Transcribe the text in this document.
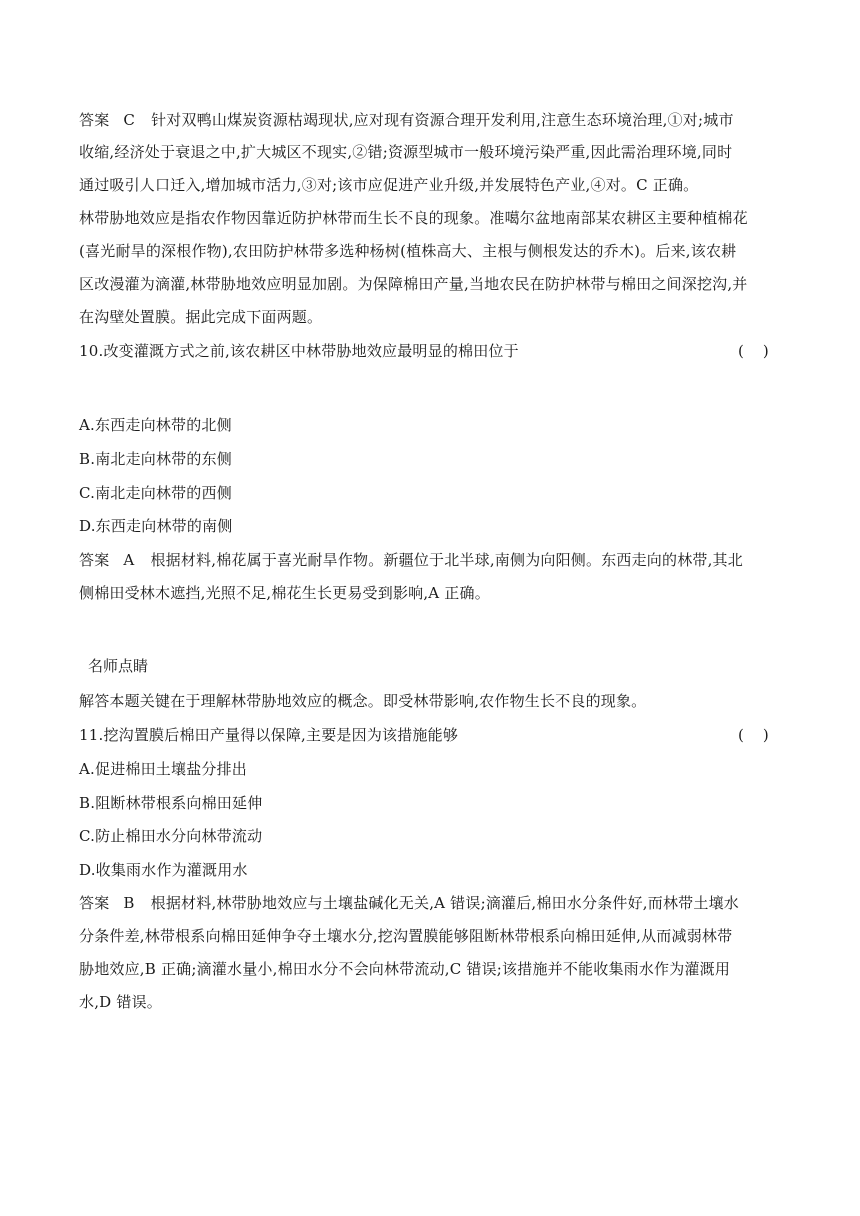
答案 C 针对双鸭山煤炭资源枯竭现状,应对现有资源合理开发利用,注意生态环境治理,①对;城市
收缩,经济处于衰退之中,扩大城区不现实,②错;资源型城市一般环境污染严重,因此需治理环境,同时
通过吸引人口迁入,增加城市活力,③对;该市应促进产业升级,并发展特色产业,④对。C 正确。
林带胁地效应是指农作物因靠近防护林带而生长不良的现象。准噶尔盆地南部某农耕区主要种植棉花
(喜光耐旱的深根作物),农田防护林带多选种杨树(植株高大、主根与侧根发达的乔木)。后来,该农耕
区改漫灌为滴灌,林带胁地效应明显加剧。为保障棉田产量,当地农民在防护林带与棉田之间深挖沟,并
在沟壁处置膜。据此完成下面两题。
10.改变灌溉方式之前,该农耕区中林带胁地效应最明显的棉田位于	(    )
A.东西走向林带的北侧
B.南北走向林带的东侧
C.南北走向林带的西侧
D.东西走向林带的南侧
答案 A 根据材料,棉花属于喜光耐旱作物。新疆位于北半球,南侧为向阳侧。东西走向的林带,其北
侧棉田受林木遮挡,光照不足,棉花生长更易受到影响,A 正确。
名师点睛
解答本题关键在于理解林带胁地效应的概念。即受林带影响,农作物生长不良的现象。
11.挖沟置膜后棉田产量得以保障,主要是因为该措施能够	(    )
A.促进棉田土壤盐分排出
B.阻断林带根系向棉田延伸
C.防止棉田水分向林带流动
D.收集雨水作为灌溉用水
答案 B 根据材料,林带胁地效应与土壤盐碱化无关,A 错误;滴灌后,棉田水分条件好,而林带土壤水
分条件差,林带根系向棉田延伸争夺土壤水分,挖沟置膜能够阻断林带根系向棉田延伸,从而减弱林带
胁地效应,B 正确;滴灌水量小,棉田水分不会向林带流动,C 错误;该措施并不能收集雨水作为灌溉用
水,D 错误。
